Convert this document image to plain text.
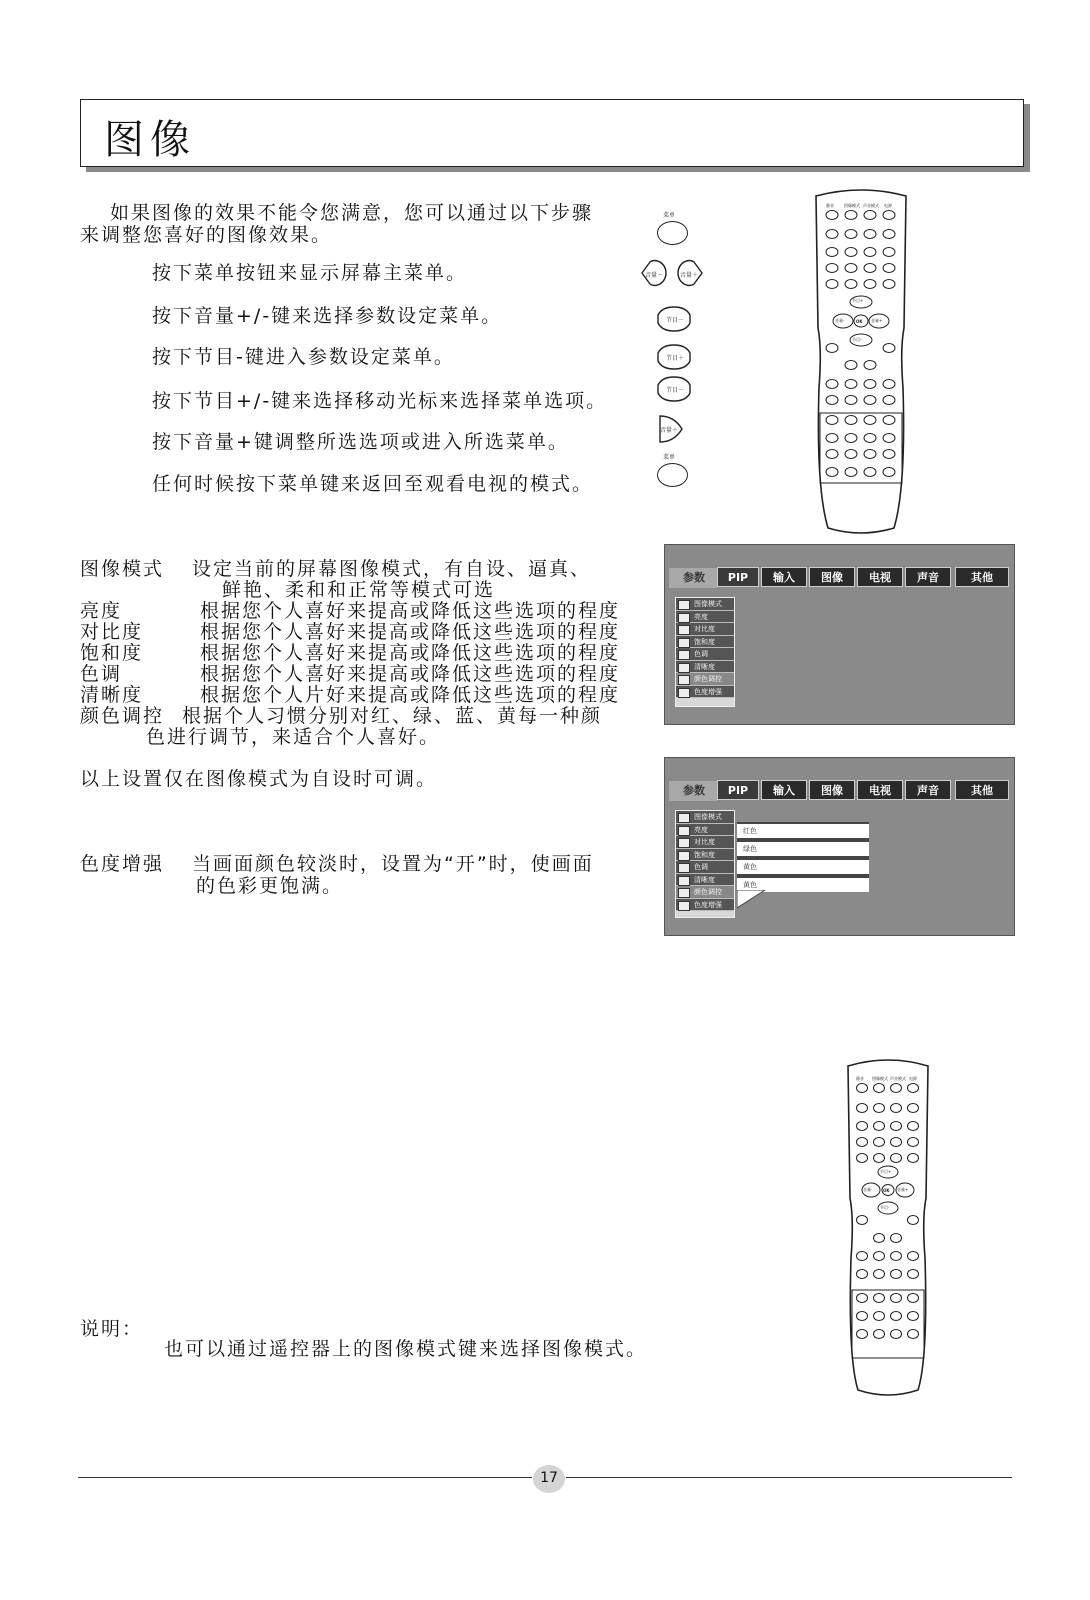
图像
如果图像的效果不能令您满意，您可以通过以下步骤
来调整您喜好的图像效果。
按下菜单按钮来显示屏幕主菜单。
按下音量+/-键来选择参数设定菜单。
按下节目-键进入参数设定菜单。
按下节目+/-键来选择移动光标来选择菜单选项。
按下音量+键调整所选选项或进入所选菜单。
任何时候按下菜单键来返回至观看电视的模式。
菜单
音量－	音量＋
节目－
节目＋
节目－
音量＋
菜单
静音	图像模式 声音模式 电源
节目+
节目-
音量-	音量+
OK
图像模式 设定当前的屏幕图像模式，有自设、逼真、
鲜艳、柔和和正常等模式可选
亮度	根据您个人喜好来提高或降低这些选项的程度
对比度	根据您个人喜好来提高或降低这些选项的程度
饱和度	根据您个人喜好来提高或降低这些选项的程度
色调	根据您个人喜好来提高或降低这些选项的程度
清晰度	根据您个人片好来提高或降低这些选项的程度
颜色调控 根据个人习惯分别对红、绿、蓝、黄每一种颜
色进行调节，来适合个人喜好。
以上设置仅在图像模式为自设时可调。
色度增强 当画面颜色较淡时，设置为“开”时，使画面
的色彩更饱满。
参数	PIP	输入	图像	电视	声音	其他
图像模式
亮度
对比度
饱和度
色调
清晰度
颜色调控
色度增强
参数	PIP	输入	图像	电视	声音	其他
图像模式
亮度
对比度
饱和度
色调
清晰度
颜色调控
色度增强
红色
绿色
黄色
黄色
静音 图像模式 声音模式 电源
节目+
节目-
音量-	音量+
OK
说明：
也可以通过遥控器上的图像模式键来选择图像模式。
17
